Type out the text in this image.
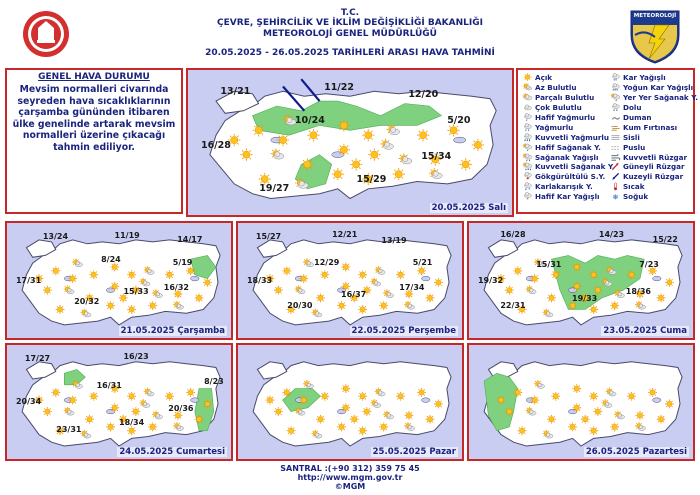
T.C.
ÇEVRE, ŞEHİRCİLİK VE İKLİM DEĞİŞİKLİĞİ BAKANLIĞI
METEOROLOJİ GENEL MÜDÜRLÜĞÜ
20.05.2025 - 26.05.2025 TARİHLERİ ARASI HAVA TAHMİNİ
METEOROLOJİ
GENEL HAVA DURUMU
Mevsim normalleri civarında seyreden hava sıcaklıklarının çarşamba gününden itibaren ülke genelinde artarak mevsim normalleri üzerine çıkacağı tahmin ediliyor.
13/21	11/22
12/20
10/24	5/20
16/28
15/34
19/27
15/29
20.05.2025 Salı
13/24	11/19	14/17
8/24	5/19
17/31
16/32
15/33
20/32
21.05.2025 Çarşamba
15/27	12/21
13/19
12/29	5/21
18/33
16/37
17/34
20/30
22.05.2025 Perşembe
16/28	14/23
15/22
15/31	7/23
19/32
18/36
19/33
22/31
23.05.2025 Cuma
17/27	16/23
16/31
8/23
20/34
20/36
18/34
23/31
24.05.2025 Cumartesi	25.05.2025 Pazar	26.05.2025 Pazartesi
Açık
Az Bulutlu
Parçalı Bulutlu
Çok Bulutlu
Hafif Yağmurlu
Yağmurlu
Kuvvetli Yağmurlu
Hafif Sağanak Y.
Sağanak Yağışlı
Kuvvetli Sağanak Y.
Gökgürültülü S.Y.
* Karlakarışık Y.
* Hafif Kar Yağışlı
** Kar Yağışlı
*** Yoğun Kar Yağışlı
Yer Yer Sağanak Y.
Dolu
Duman
Kum Fırtınası
Sisli
Puslu
Kuvvetli Rüzgar
Güneyli Rüzgar
Kuzeyli Rüzgar
Sıcak
❄ Soğuk
SANTRAL :(+90 312) 359 75 45
http://www.mgm.gov.tr
©MGM
